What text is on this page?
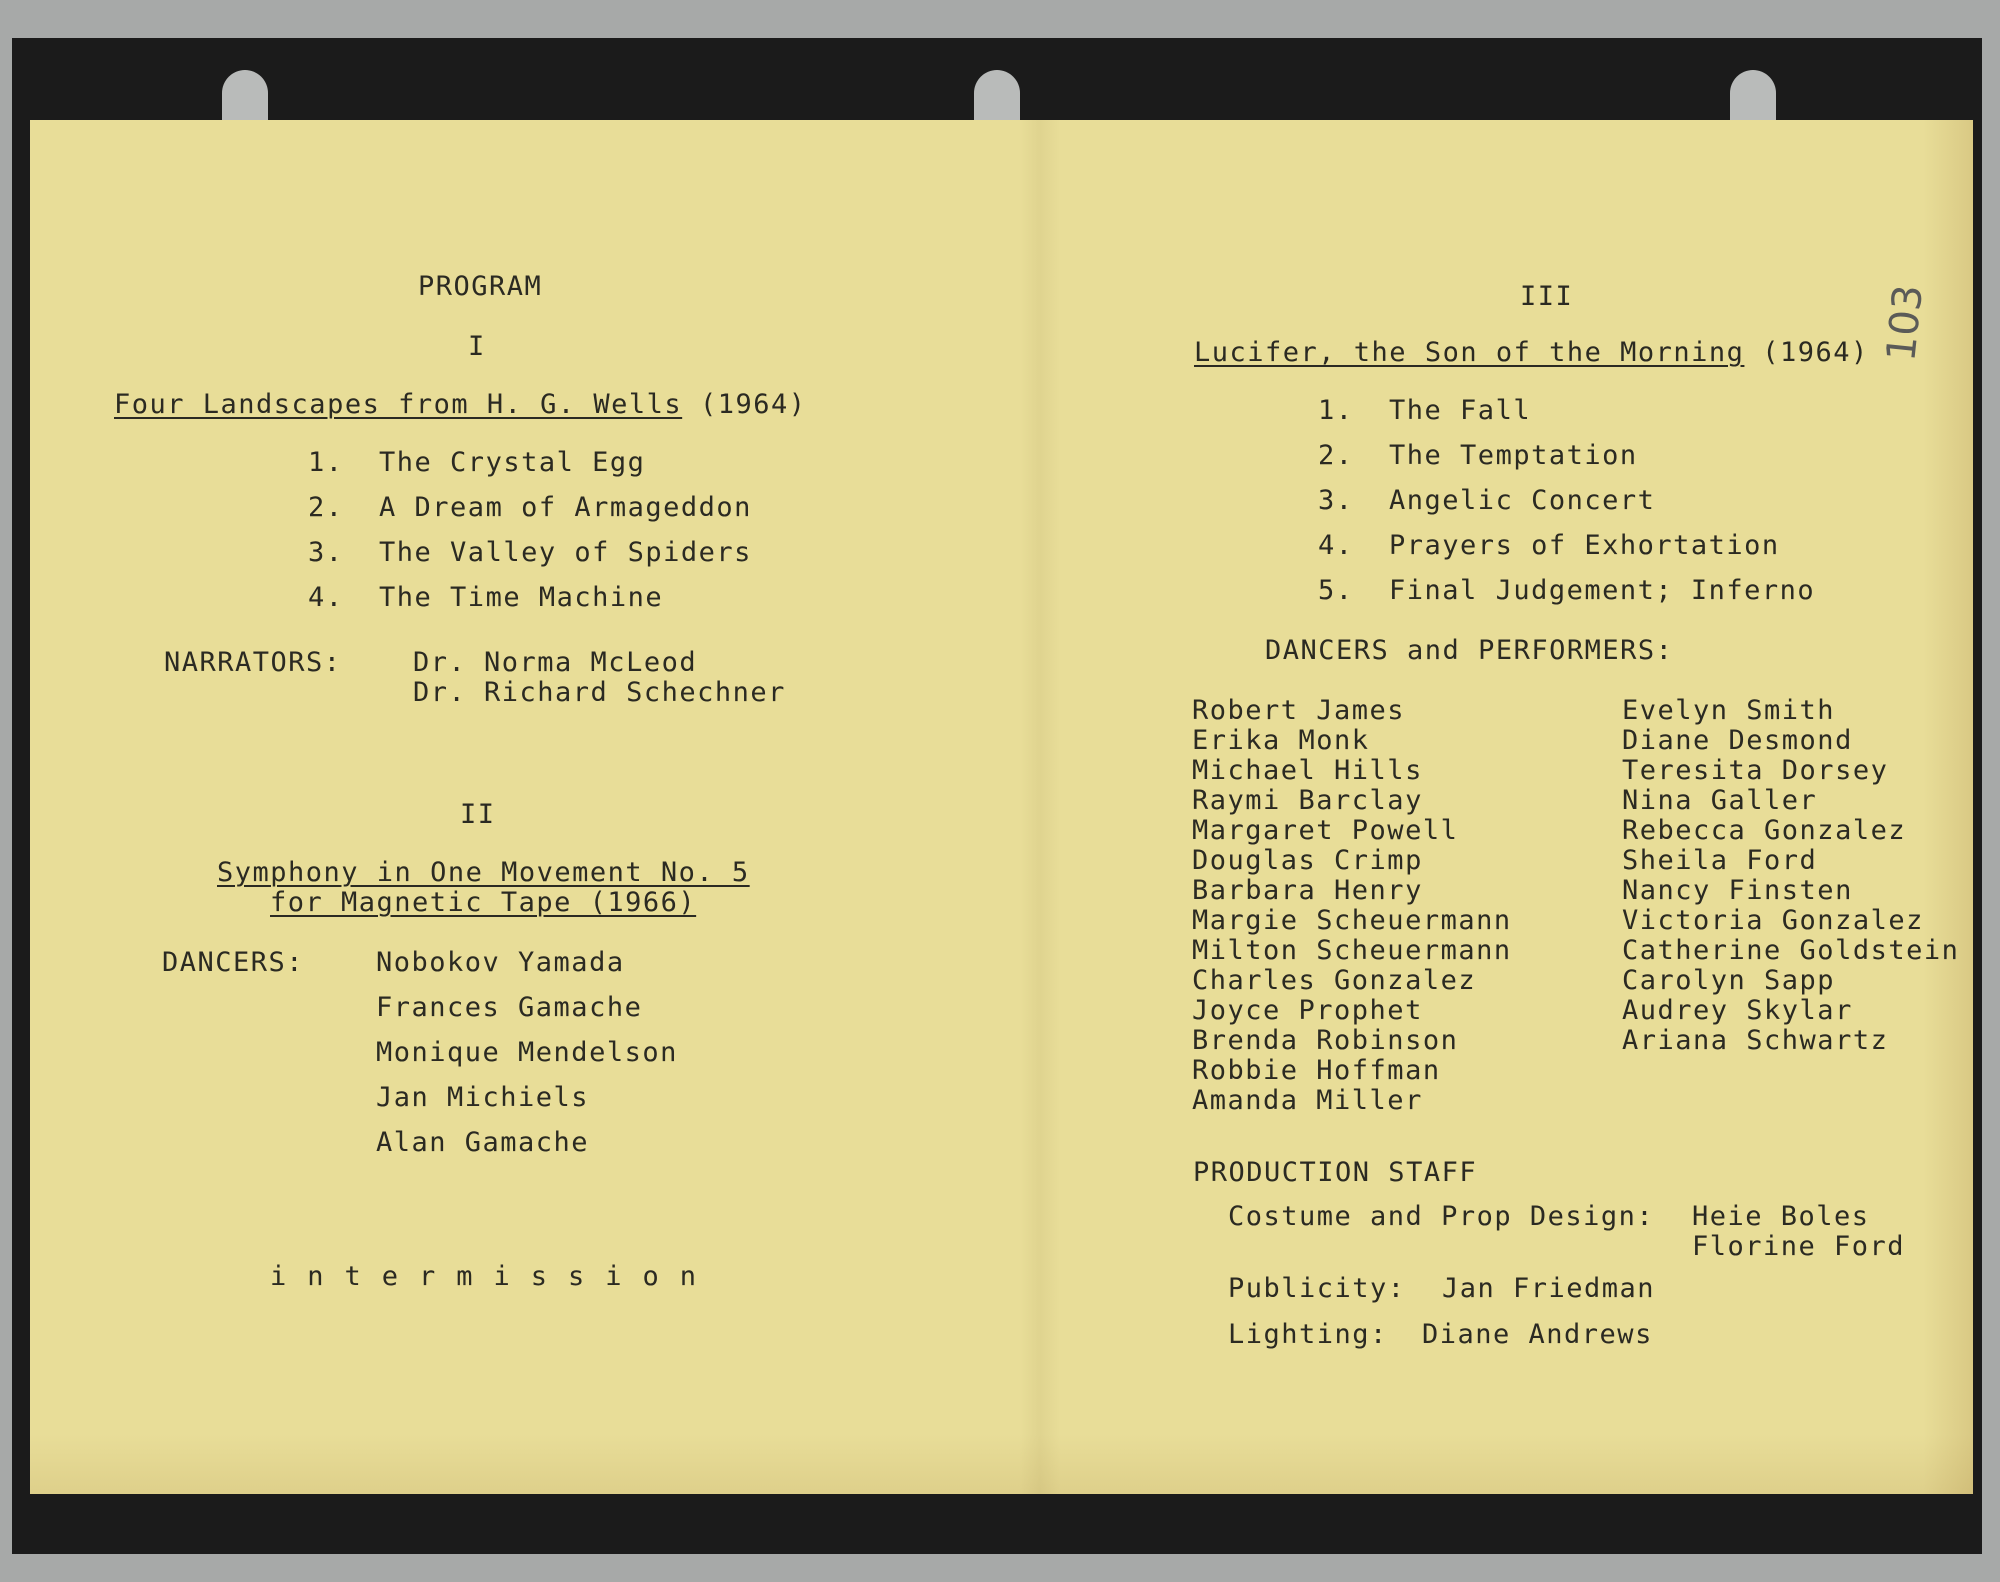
103
PROGRAM
I
Four Landscapes from H. G. Wells (1964)
1. The Crystal Egg
2. A Dream of Armageddon
3. The Valley of Spiders
4. The Time Machine
NARRATORS:	Dr. Norma McLeod
Dr. Richard Schechner
II
Symphony in One Movement No. 5
for Magnetic Tape (1966)
DANCERS:	Nobokov Yamada
Frances Gamache
Monique Mendelson
Jan Michiels
Alan Gamache
intermission
III
Lucifer, the Son of the Morning (1964)
1. The Fall
2. The Temptation
3. Angelic Concert
4. Prayers of Exhortation
5. Final Judgement; Inferno
DANCERS and PERFORMERS:
Robert James
Erika Monk
Michael Hills
Raymi Barclay
Margaret Powell
Douglas Crimp
Barbara Henry
Margie Scheuermann
Milton Scheuermann
Charles Gonzalez
Joyce Prophet
Brenda Robinson
Robbie Hoffman
Amanda Miller
Evelyn Smith
Diane Desmond
Teresita Dorsey
Nina Galler
Rebecca Gonzalez
Sheila Ford
Nancy Finsten
Victoria Gonzalez
Catherine Goldstein
Carolyn Sapp
Audrey Skylar
Ariana Schwartz
PRODUCTION STAFF
Costume and Prop Design: Heie Boles
Florine Ford
Publicity: Jan Friedman
Lighting: Diane Andrews
